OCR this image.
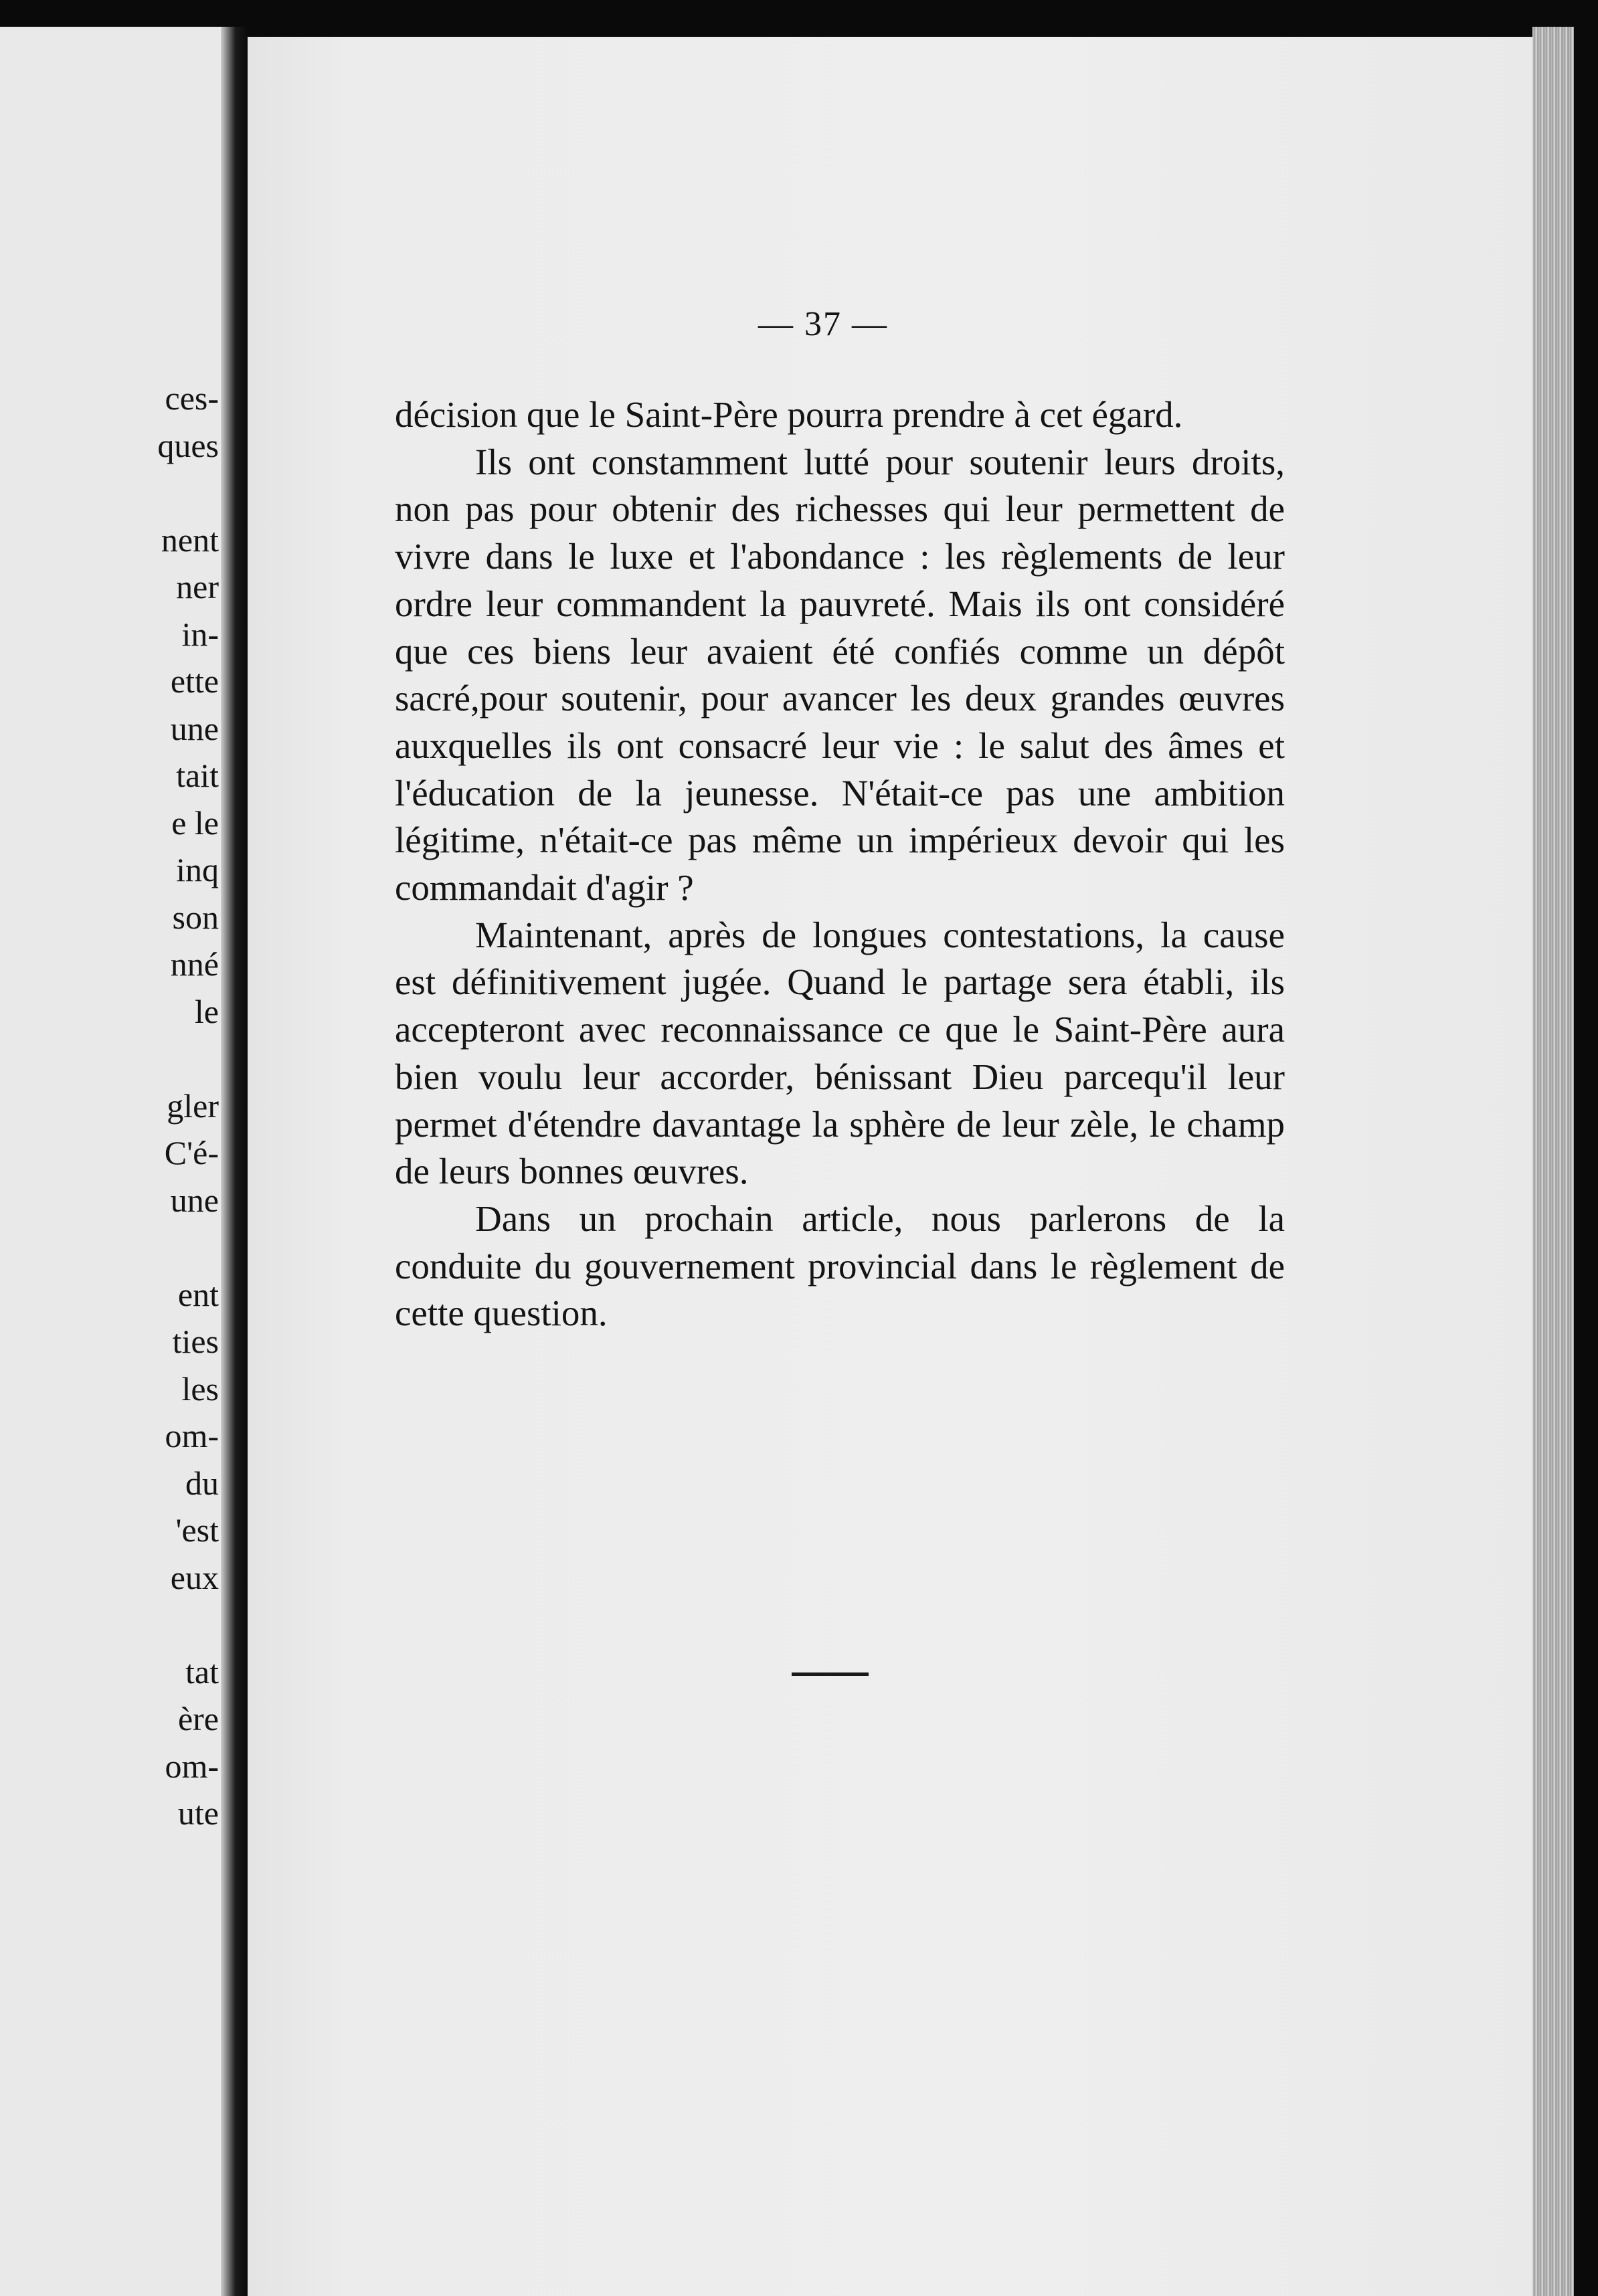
ces-
ques
nent
ner
in-
ette
une
tait
e le
inq
son
nné
le
gler
C'é-
une
ent
ties
les
om-
du
'est
eux
tat
ère
om-
ute
— 37 —

décision que le Saint-Père pourra prendre à cet égard.

Ils ont constamment lutté pour soutenir leurs droits, non pas pour obtenir des richesses qui leur permettent de vivre dans le luxe et l'abondance : les règlements de leur ordre leur commandent la pauvreté. Mais ils ont considéré que ces biens leur avaient été confiés comme un dépôt sacré,pour soutenir, pour avancer les deux grandes œuvres auxquelles ils ont consacré leur vie : le salut des âmes et l'éducation de la jeunesse. N'était-ce pas une ambition légitime, n'était-ce pas même un impérieux devoir qui les commandait d'agir ?

Maintenant, après de longues contestations, la cause est définitivement jugée. Quand le partage sera établi, ils accepteront avec reconnaissance ce que le Saint-Père aura bien voulu leur accorder, bénissant Dieu parcequ'il leur permet d'étendre davantage la sphère de leur zèle, le champ de leurs bonnes œuvres.

Dans un prochain article, nous parlerons de la conduite du gouvernement provincial dans le règlement de cette question.
